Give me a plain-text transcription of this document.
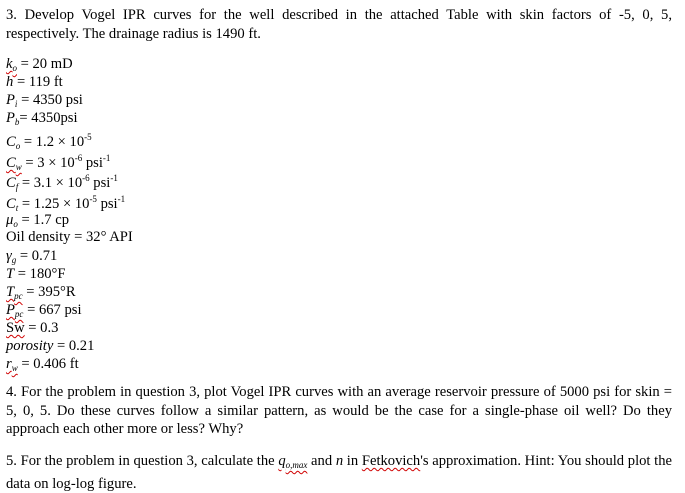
3. Develop Vogel IPR curves for the well described in the attached Table with skin factors of -5, 0, 5, respectively. The drainage radius is 1490 ft.

$k_o = 20$ mD
h = 119 ft
$P_i = 4350$ psi
$P_b= 4350psi$
$C_o = 1.2 \times 10^{-5}$
$C_w = 3 \times 10^{-6}$ psi$^{-1}$
$C_f = 3.1 \times 10^{-6}$ psi$^{-1}$
$C_t = 1.25 \times 10^{-5}$ psi$^{-1}$
$\mu_o = 1.7$ cp
Oil density = 32° API
$\gamma_g = 0.71$
T = 180°F
$T_{pc} = 395^\circ R$
$P_{pc} = 667$ psi
Sw = 0.3
porosity = 0.21
$r_w = 0.406$ ft

4. For the problem in question 3, plot Vogel IPR curves with an average reservoir pressure of 5000 psi for skin = 5, 0, 5. Do these curves follow a similar pattern, as would be the case for a single-phase oil well? Do they approach each other more or less? Why?

5. For the problem in question 3, calculate the $q_{o,max}$ and n in Fetkovich's approximation. Hint: You should plot the data on log-log figure.
